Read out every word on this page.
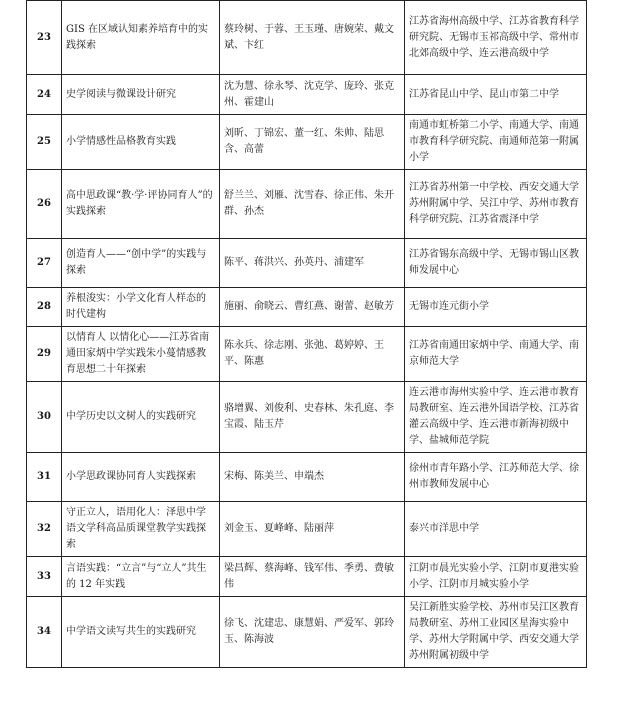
23	GIS 在区域认知素养培育中的实践探索	蔡玲树、于蓉、王玉瑾、唐婉荣、戴文斌、卞红	江苏省海州高级中学、江苏省教育科学研究院、无锡市玉祁高级中学、常州市北郊高级中学、连云港高级中学
24	史学阅读与微课设计研究	沈为慧、徐永琴、沈克学、庞玲、张克州、霍建山	江苏省昆山中学、昆山市第二中学
25	小学情感性品格教育实践	刘昕、丁锦宏、董一红、朱帅、陆思含、高蕾	南通市虹桥第二小学、南通大学、南通市教育科学研究院、南通师范第一附属小学
26	高中思政课“教·学·评协同育人”的实践探索	舒兰兰、刘雁、沈雪春、徐正伟、朱开群、孙杰	江苏省苏州第一中学校、西安交通大学苏州附属中学、吴江中学、苏州市教育科学研究院、江苏省震泽中学
27	创造育人——“创中学”的实践与探索	陈平、蒋洪兴、孙英丹、浦建军	江苏省锡东高级中学、无锡市锡山区教师发展中心
28	养根浚实：小学文化育人样态的时代建构	施丽、俞晓云、曹红燕、谢蕾、赵敏芳	无锡市连元街小学
29	以情育人 以情化心——江苏省南通田家炳中学实践朱小蔓情感教育思想二十年探索	陈永兵、徐志刚、张弛、葛婷婷、王平、陈惠	江苏省南通田家炳中学、南通大学、南京师范大学
30	中学历史以文树人的实践研究	骆增翼、刘俊利、史春林、朱孔庭、李宝霞、陆玉芹	连云港市海州实验中学、连云港市教育局教研室、连云港外国语学校、江苏省灌云高级中学、连云港市新海初级中学、盐城师范学院
31	小学思政课协同育人实践探索	宋梅、陈美兰、申端杰	徐州市青年路小学、江苏师范大学、徐州市教师发展中心
32	守正立人，语用化人：泽思中学语文学科高品质课堂教学实践探索	刘金玉、夏峰峰、陆丽萍	泰兴市洋思中学
33	言语实践：“立言”与“立人”共生的 12 年实践	梁昌辉、蔡海峰、钱军伟、季勇、费敏伟	江阴市晨光实验小学、江阴市夏港实验小学、江阴市月城实验小学
34	中学语文读写共生的实践研究	徐飞、沈建忠、康慧娟、严爱军、郭玲玉、陈海波	吴江新胜实验学校、苏州市吴江区教育局教研室、苏州工业园区星海实验中学、苏州大学附属中学、西安交通大学苏州附属初级中学
